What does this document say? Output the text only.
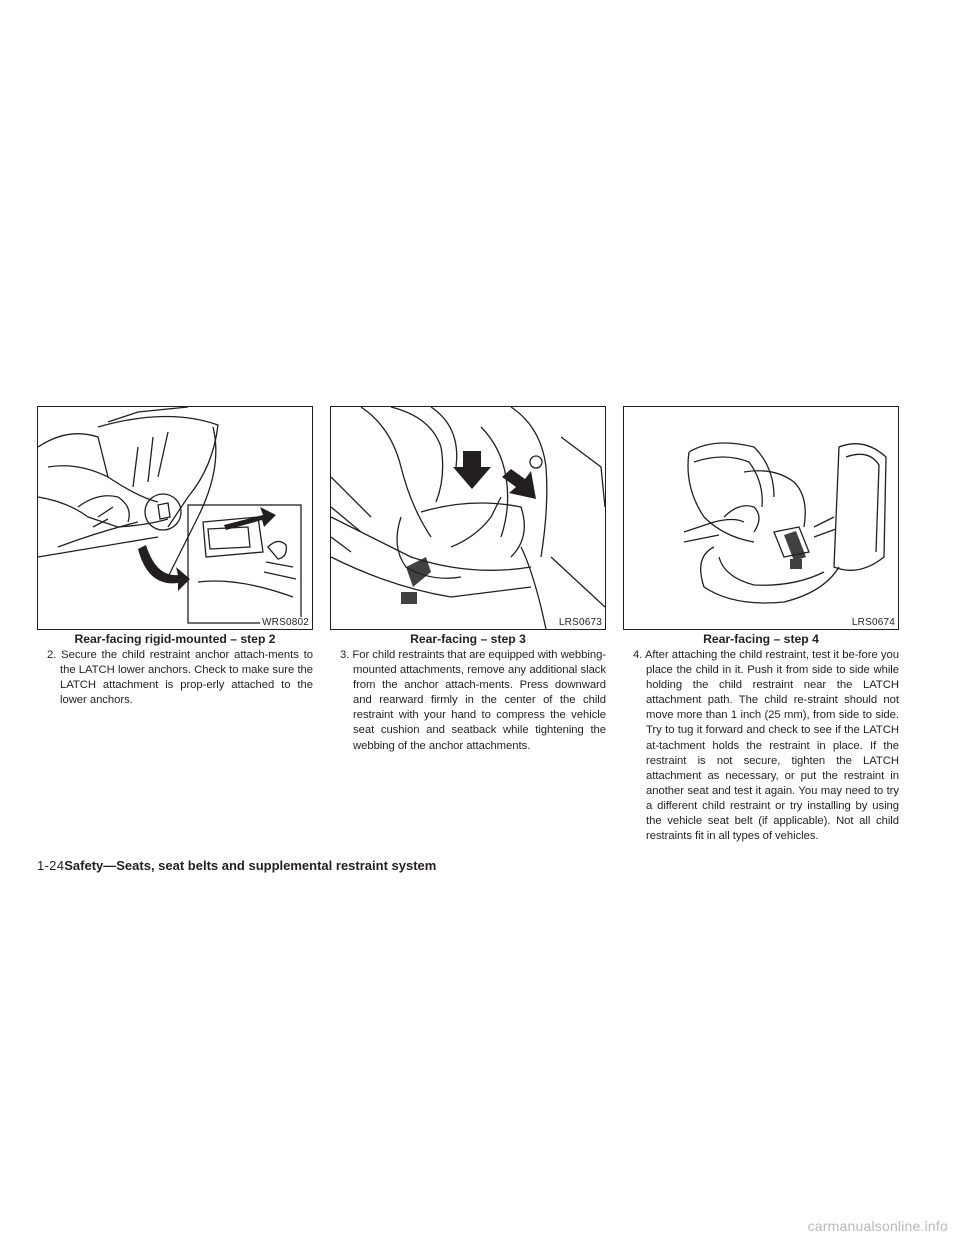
WRS0802
Rear-facing rigid-mounted – step 2
2. Secure the child restraint anchor attach-ments to the LATCH lower anchors. Check to make sure the LATCH attachment is prop-erly attached to the lower anchors.
LRS0673
Rear-facing – step 3
3. For child restraints that are equipped with webbing-mounted attachments, remove any additional slack from the anchor attach-ments. Press downward and rearward firmly in the center of the child restraint with your hand to compress the vehicle seat cushion and seatback while tightening the webbing of the anchor attachments.
LRS0674
Rear-facing – step 4
4. After attaching the child restraint, test it be-fore you place the child in it. Push it from side to side while holding the child restraint near the LATCH attachment path. The child re-straint should not move more than 1 inch (25 mm), from side to side. Try to tug it forward and check to see if the LATCH at-tachment holds the restraint in place. If the restraint is not secure, tighten the LATCH attachment as necessary, or put the restraint in another seat and test it again. You may need to try a different child restraint or try installing by using the vehicle seat belt (if applicable). Not all child restraints fit in all types of vehicles.
1-24Safety—Seats, seat belts and supplemental restraint system
carmanualsonline.info
